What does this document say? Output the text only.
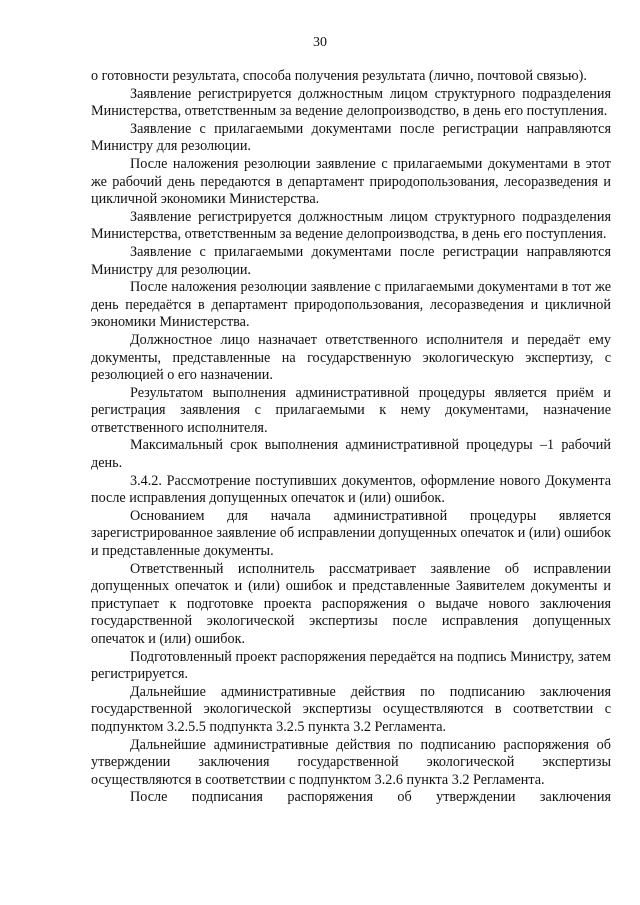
30

о готовности результата, способа получения результата (лично, почтовой связью).

Заявление регистрируется должностным лицом структурного подразделения Министерства, ответственным за ведение делопроизводство, в день его поступления.

Заявление с прилагаемыми документами после регистрации направляются Министру для резолюции.

После наложения резолюции заявление с прилагаемыми документами в этот же рабочий день передаются в департамент природопользования, лесоразведения и цикличной экономики Министерства.

Заявление регистрируется должностным лицом структурного подразделения Министерства, ответственным за ведение делопроизводства, в день его поступления.

Заявление с прилагаемыми документами после регистрации направляются Министру для резолюции.

После наложения резолюции заявление с прилагаемыми документами в тот же день передаётся в департамент природопользования, лесоразведения и цикличной экономики Министерства.

Должностное лицо назначает ответственного исполнителя и передаёт ему документы, представленные на государственную экологическую экспертизу, с резолюцией о его назначении.

Результатом выполнения административной процедуры является приём и регистрация заявления с прилагаемыми к нему документами, назначение ответственного исполнителя.

Максимальный срок выполнения административной процедуры –1 рабочий день.

3.4.2. Рассмотрение поступивших документов, оформление нового Документа после исправления допущенных опечаток и (или) ошибок.

Основанием для начала административной процедуры является зарегистрированное заявление об исправлении допущенных опечаток и (или) ошибок и представленные документы.

Ответственный исполнитель рассматривает заявление об исправлении допущенных опечаток и (или) ошибок и представленные Заявителем документы и приступает к подготовке проекта распоряжения о выдаче нового заключения государственной экологической экспертизы после исправления допущенных опечаток и (или) ошибок.

Подготовленный проект распоряжения передаётся на подпись Министру, затем регистрируется.

Дальнейшие административные действия по подписанию заключения государственной экологической экспертизы осуществляются в соответствии с подпунктом 3.2.5.5 подпункта 3.2.5 пункта 3.2 Регламента.

Дальнейшие административные действия по подписанию распоряжения об утверждении заключения государственной экологической экспертизы осуществляются в соответствии с подпунктом 3.2.6 пункта 3.2 Регламента.

После подписания распоряжения об утверждении заключения
